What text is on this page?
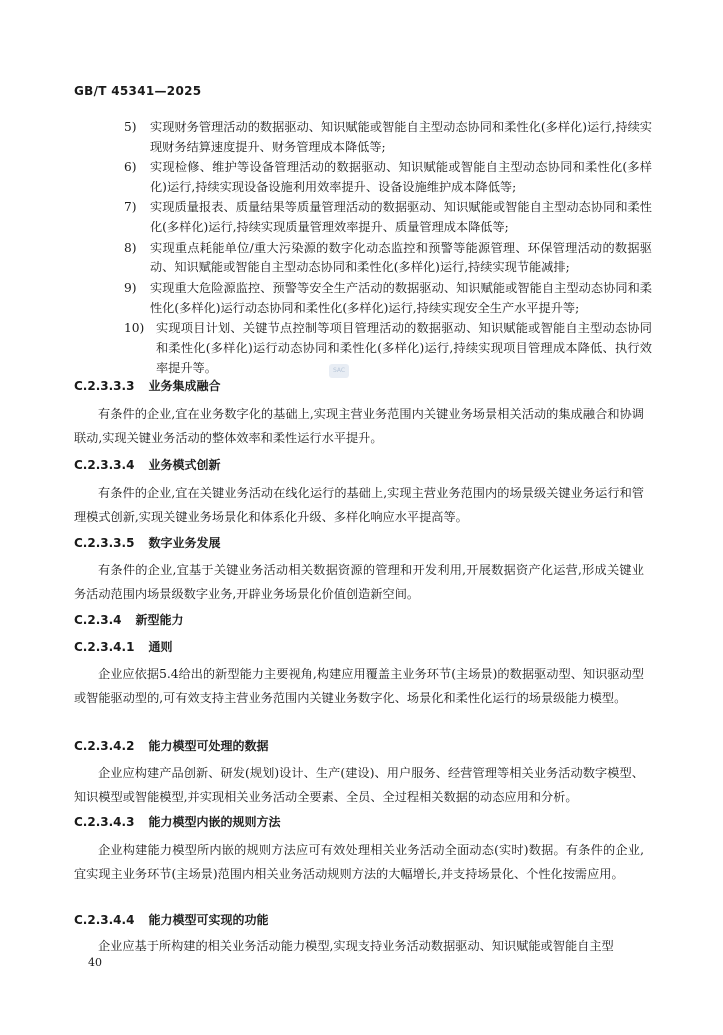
GB/T 45341—2025
5) 实现财务管理活动的数据驱动、知识赋能或智能自主型动态协同和柔性化(多样化)运行,持续实现财务结算速度提升、财务管理成本降低等;
6) 实现检修、维护等设备管理活动的数据驱动、知识赋能或智能自主型动态协同和柔性化(多样化)运行,持续实现设备设施利用效率提升、设备设施维护成本降低等;
7) 实现质量报表、质量结果等质量管理活动的数据驱动、知识赋能或智能自主型动态协同和柔性化(多样化)运行,持续实现质量管理效率提升、质量管理成本降低等;
8) 实现重点耗能单位/重大污染源的数字化动态监控和预警等能源管理、环保管理活动的数据驱动、知识赋能或智能自主型动态协同和柔性化(多样化)运行,持续实现节能减排;
9) 实现重大危险源监控、预警等安全生产活动的数据驱动、知识赋能或智能自主型动态协同和柔性化(多样化)运行动态协同和柔性化(多样化)运行,持续实现安全生产水平提升等;
10) 实现项目计划、关键节点控制等项目管理活动的数据驱动、知识赋能或智能自主型动态协同和柔性化(多样化)运行动态协同和柔性化(多样化)运行,持续实现项目管理成本降低、执行效率提升等。	SAC
C.2.3.3.3 业务集成融合
有条件的企业,宜在业务数字化的基础上,实现主营业务范围内关键业务场景相关活动的集成融合和协调联动,实现关键业务活动的整体效率和柔性运行水平提升。
C.2.3.3.4 业务模式创新
有条件的企业,宜在关键业务活动在线化运行的基础上,实现主营业务范围内的场景级关键业务运行和管理模式创新,实现关键业务场景化和体系化升级、多样化响应水平提高等。
C.2.3.3.5 数字业务发展
有条件的企业,宜基于关键业务活动相关数据资源的管理和开发利用,开展数据资产化运营,形成关键业务活动范围内场景级数字业务,开辟业务场景化价值创造新空间。
C.2.3.4 新型能力
C.2.3.4.1 通则
企业应依据5.4给出的新型能力主要视角,构建应用覆盖主业务环节(主场景)的数据驱动型、知识驱动型或智能驱动型的,可有效支持主营业务范围内关键业务数字化、场景化和柔性化运行的场景级能力模型。
C.2.3.4.2 能力模型可处理的数据
企业应构建产品创新、研发(规划)设计、生产(建设)、用户服务、经营管理等相关业务活动数字模型、知识模型或智能模型,并实现相关业务活动全要素、全员、全过程相关数据的动态应用和分析。
C.2.3.4.3 能力模型内嵌的规则方法
企业构建能力模型所内嵌的规则方法应可有效处理相关业务活动全面动态(实时)数据。有条件的企业,宜实现主业务环节(主场景)范围内相关业务活动规则方法的大幅增长,并支持场景化、个性化按需应用。
C.2.3.4.4 能力模型可实现的功能
企业应基于所构建的相关业务活动能力模型,实现支持业务活动数据驱动、知识赋能或智能自主型
40
